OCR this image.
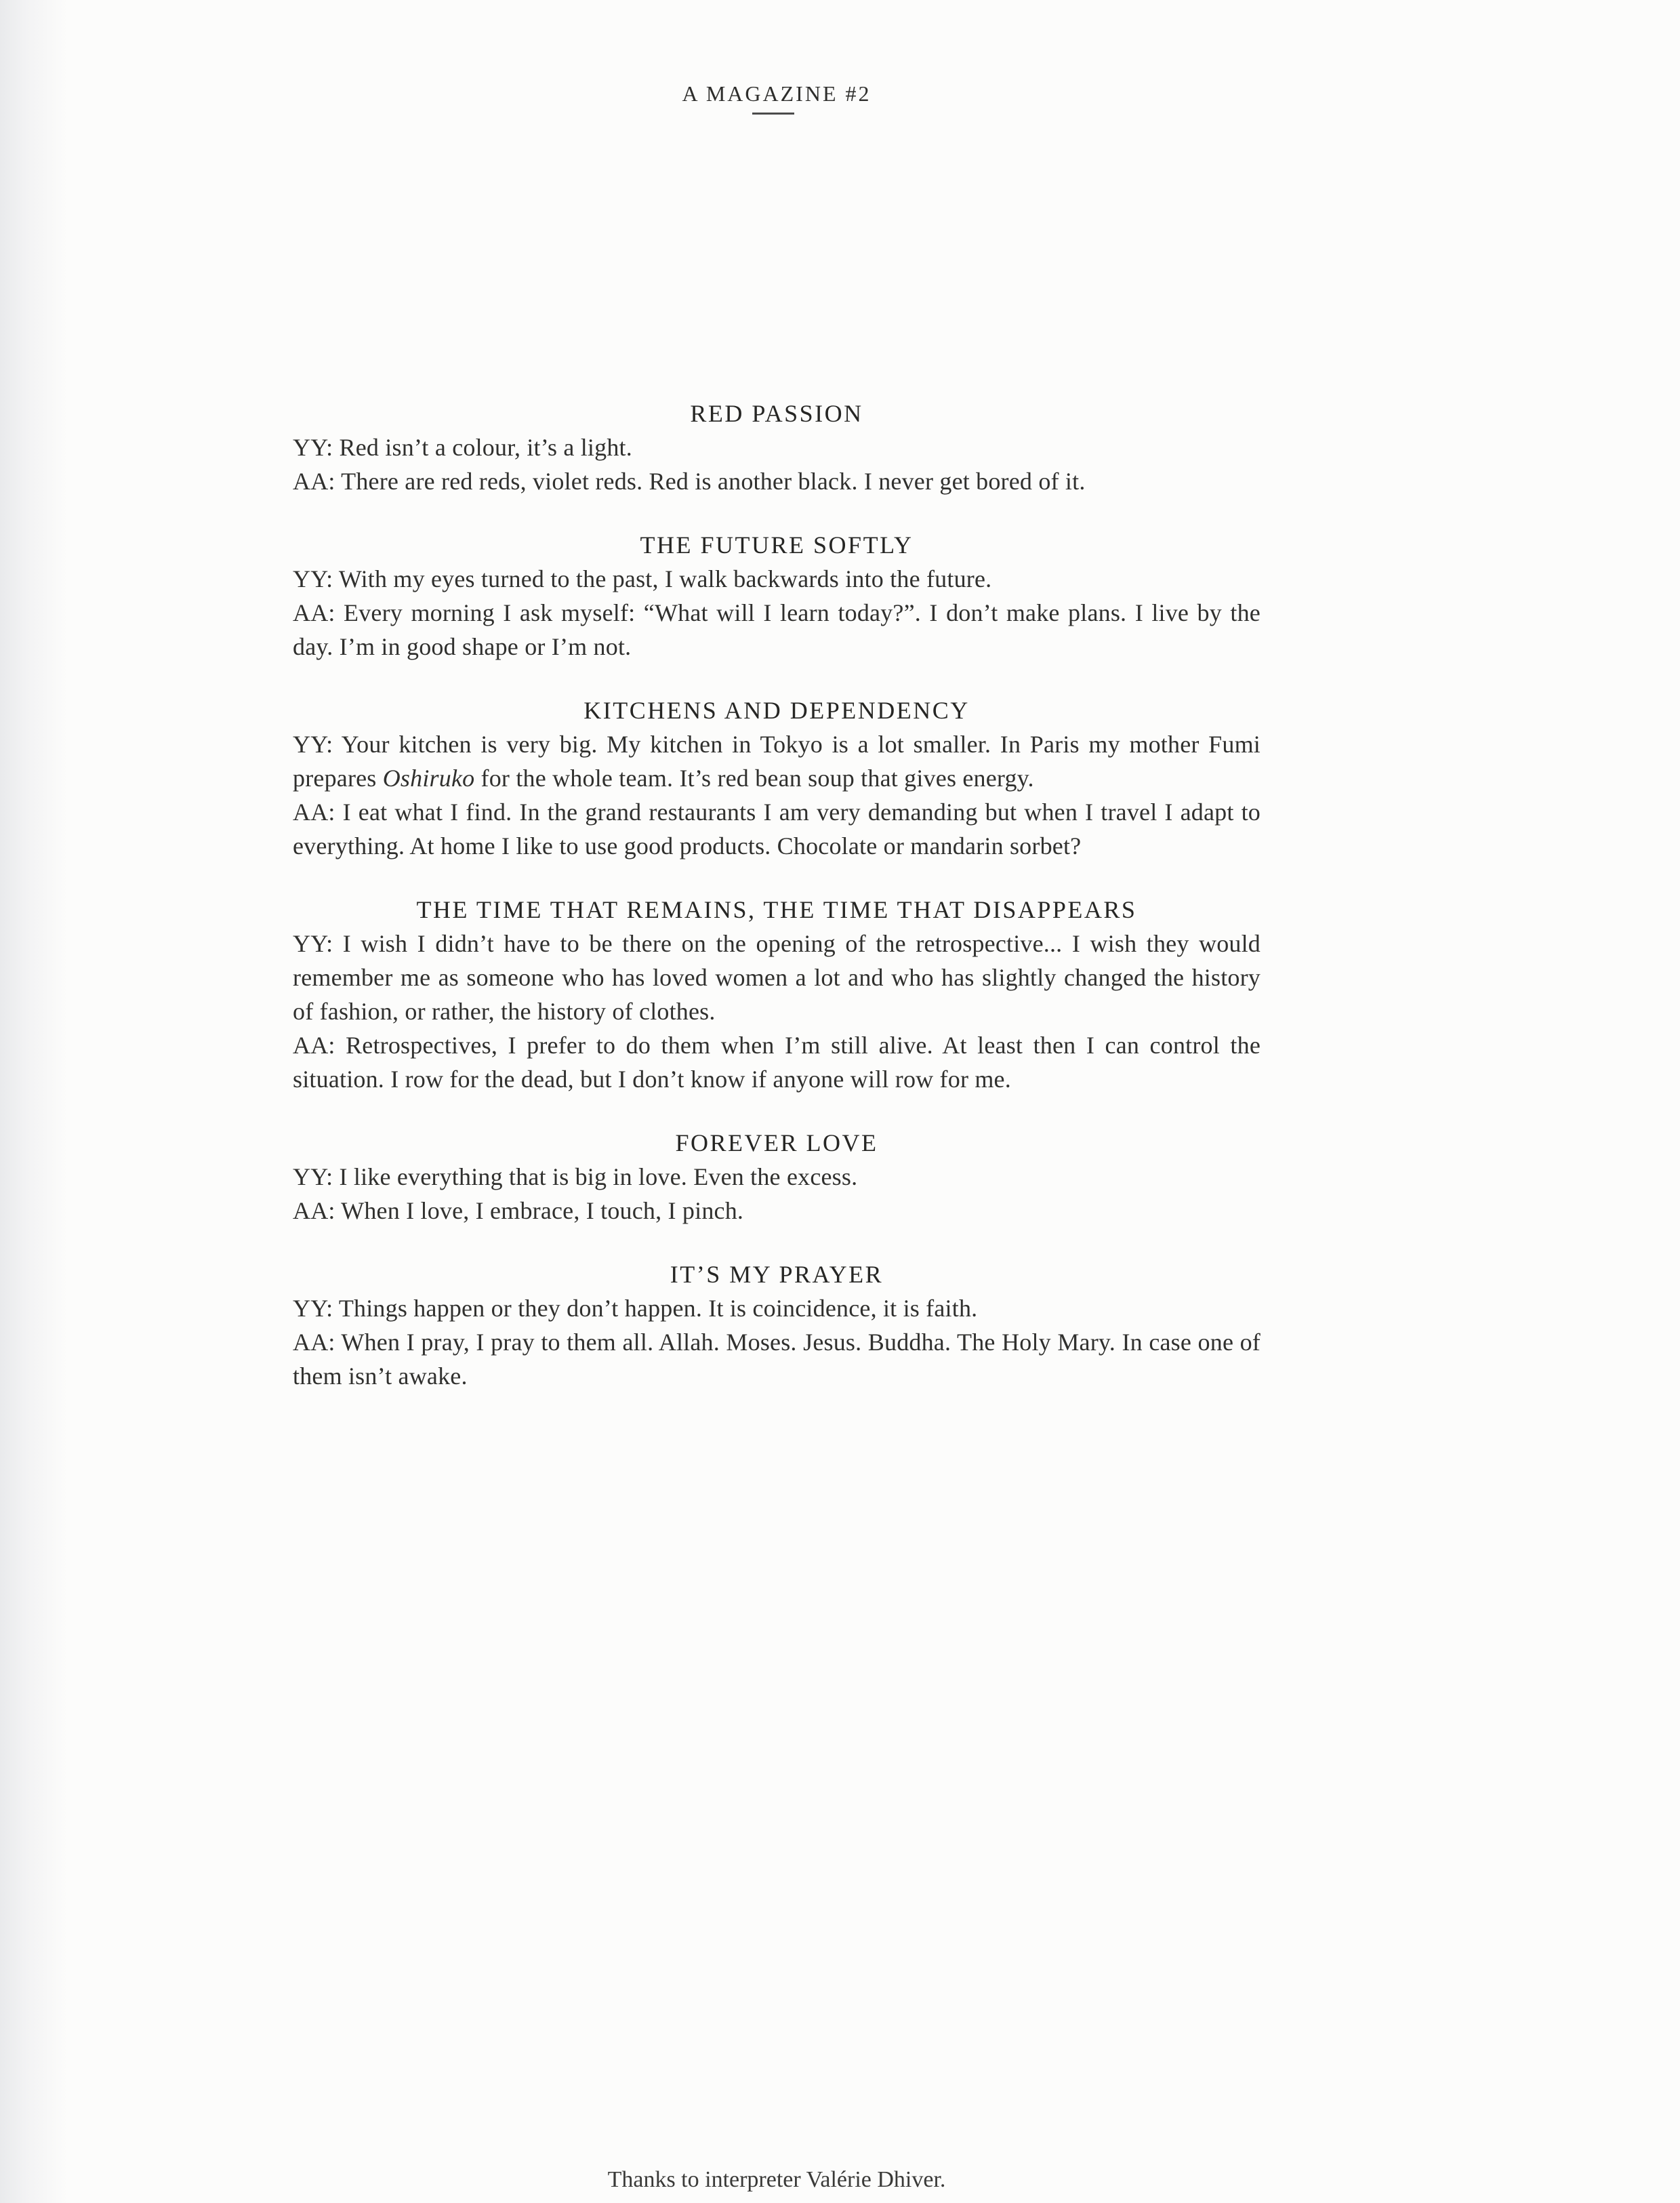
A MAGAZINE #2
RED PASSION

YY: Red isn’t a colour, it’s a light.

AA: There are red reds, violet reds. Red is another black. I never get bored of it.

THE FUTURE SOFTLY

YY: With my eyes turned to the past, I walk backwards into the future.

AA: Every morning I ask myself: “What will I learn today?”. I don’t make plans. I live by the day. I’m in good shape or I’m not.

KITCHENS AND DEPENDENCY

YY: Your kitchen is very big. My kitchen in Tokyo is a lot smaller. In Paris my mother Fumi prepares Oshiruko for the whole team. It’s red bean soup that gives energy.

AA: I eat what I find. In the grand restaurants I am very demanding but when I travel I adapt to everything. At home I like to use good products. Chocolate or mandarin sorbet?

THE TIME THAT REMAINS, THE TIME THAT DISAPPEARS

YY: I wish I didn’t have to be there on the opening of the retrospective... I wish they would remember me as someone who has loved women a lot and who has slightly changed the history of fashion, or rather, the history of clothes.

AA: Retrospectives, I prefer to do them when I’m still alive. At least then I can control the situation. I row for the dead, but I don’t know if anyone will row for me.

FOREVER LOVE

YY: I like everything that is big in love. Even the excess.

AA: When I love, I embrace, I touch, I pinch.

IT’S MY PRAYER

YY: Things happen or they don’t happen. It is coincidence, it is faith.

AA: When I pray, I pray to them all. Allah. Moses. Jesus. Buddha. The Holy Mary. In case one of them isn’t awake.

Thanks to interpreter Valérie Dhiver.
